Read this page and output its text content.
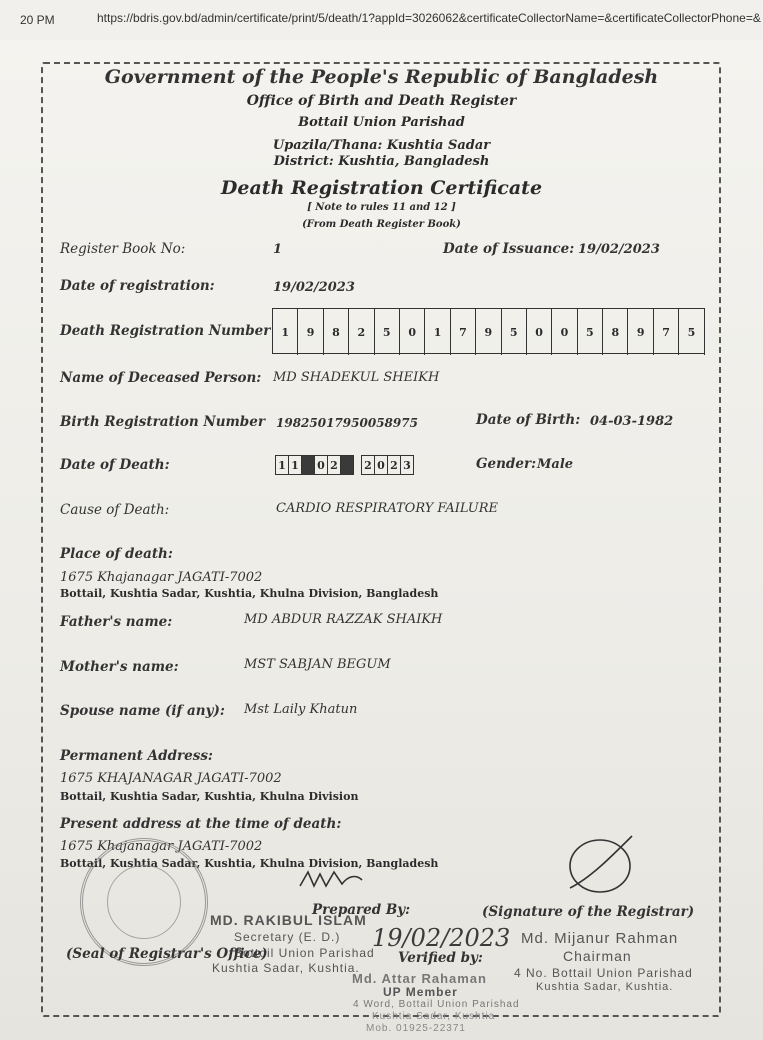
20 PM	https://bdris.gov.bd/admin/certificate/print/5/death/1?appId=3026062&certificateCollectorName=&certificateCollectorPhone=&
Government of the People's Republic of Bangladesh
Office of Birth and Death Register
Bottail Union Parishad
Upazila/Thana: Kushtia Sadar
District: Kushtia, Bangladesh
Death Registration Certificate
[ Note to rules 11 and 12 ]
(From Death Register Book)
Register Book No:	1	Date of Issuance: 19/02/2023
Date of registration:	19/02/2023
Death Registration Number	1	9	8	2	5	0	1	7	9	5	0	0	5	8	9	7	5
Name of Deceased Person: MD SHADEKUL SHEIKH
Birth Registration Number 19825017950058975	Date of Birth: 04-03-1982
Date of Death:	1 1 0 2 2 0 2 3	Gender: Male
Cause of Death:	CARDIO RESPIRATORY FAILURE
Place of death:
1675 Khajanagar JAGATI-7002
Bottail, Kushtia Sadar, Kushtia, Khulna Division, Bangladesh
Father's name:	MD ABDUR RAZZAK SHAIKH
Mother's name:	MST SABJAN BEGUM
Spouse name (if any): Mst Laily Khatun
Permanent Address:
1675 KHAJANAGAR JAGATI-7002
Bottail, Kushtia Sadar, Kushtia, Khulna Division
Present address at the time of death:
1675 Khajanagar JAGATI-7002
Bottail, Kushtia Sadar, Kushtia, Khulna Division, Bangladesh
Prepared By:	(Signature of the Registrar)
MD. RAKIBUL ISLAM
Secretary (E. D.)
Bottoil Union Parishad
Kushtia Sadar, Kushtia.
(Seal of Registrar's Office)	Verified by:
19/02/2023 Md. Mijanur Rahman
Chairman
4 No. Bottail Union Parishad
Kushtia Sadar, Kushtia.
Md. Attar Rahaman
UP Member
4 Word, Bottail Union Parishad
Kushtia Sadar, Kushtia
Mob. 01925-22371
